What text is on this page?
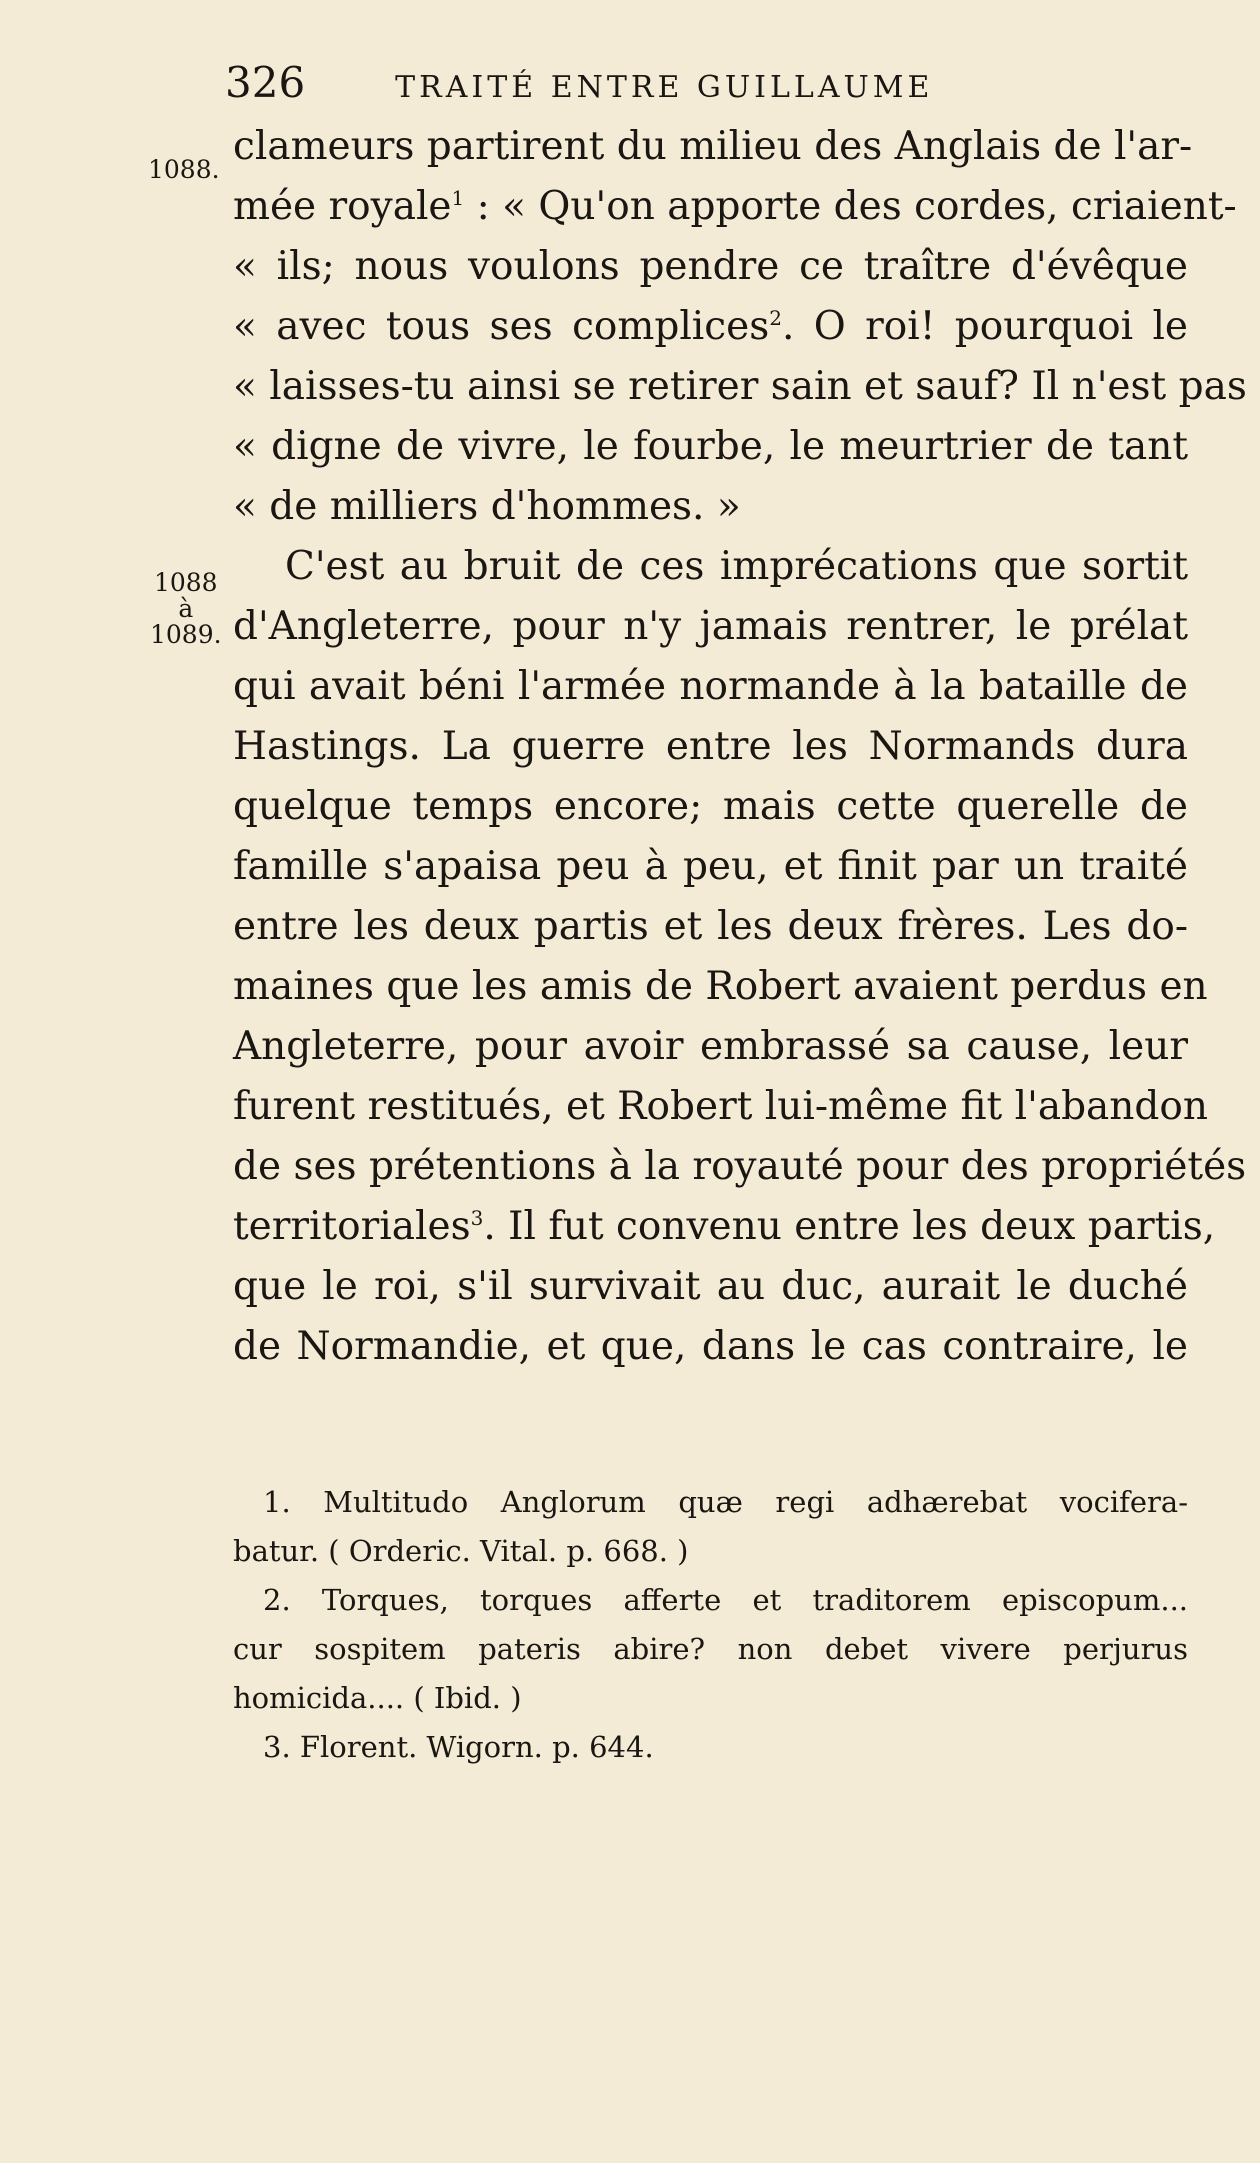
326	TRAITÉ ENTRE GUILLAUME
1088.
1088
à
1089.
clameurs partirent du milieu des Anglais de l'ar-
mée royale$^1$ : « Qu'on apporte des cordes, criaient-
« ils; nous voulons pendre ce traître d'évêque
« avec tous ses complices$^2$. O roi! pourquoi le
« laisses-tu ainsi se retirer sain et sauf? Il n'est pas
« digne de vivre, le fourbe, le meurtrier de tant
« de milliers d'hommes. »
C'est au bruit de ces imprécations que sortit
d'Angleterre, pour n'y jamais rentrer, le prélat
qui avait béni l'armée normande à la bataille de
Hastings. La guerre entre les Normands dura
quelque temps encore; mais cette querelle de
famille s'apaisa peu à peu, et finit par un traité
entre les deux partis et les deux frères. Les do-
maines que les amis de Robert avaient perdus en
Angleterre, pour avoir embrassé sa cause, leur
furent restitués, et Robert lui-même fit l'abandon
de ses prétentions à la royauté pour des propriétés
territoriales$^3$. Il fut convenu entre les deux partis,
que le roi, s'il survivait au duc, aurait le duché
de Normandie, et que, dans le cas contraire, le
1. Multitudo Anglorum quæ regi adhærebat vocifera-
batur. ( Orderic. Vital. p. 668. )
2. Torques, torques afferte et traditorem episcopum...
cur sospitem pateris abire? non debet vivere perjurus
homicida.... ( Ibid. )
3. Florent. Wigorn. p. 644.
